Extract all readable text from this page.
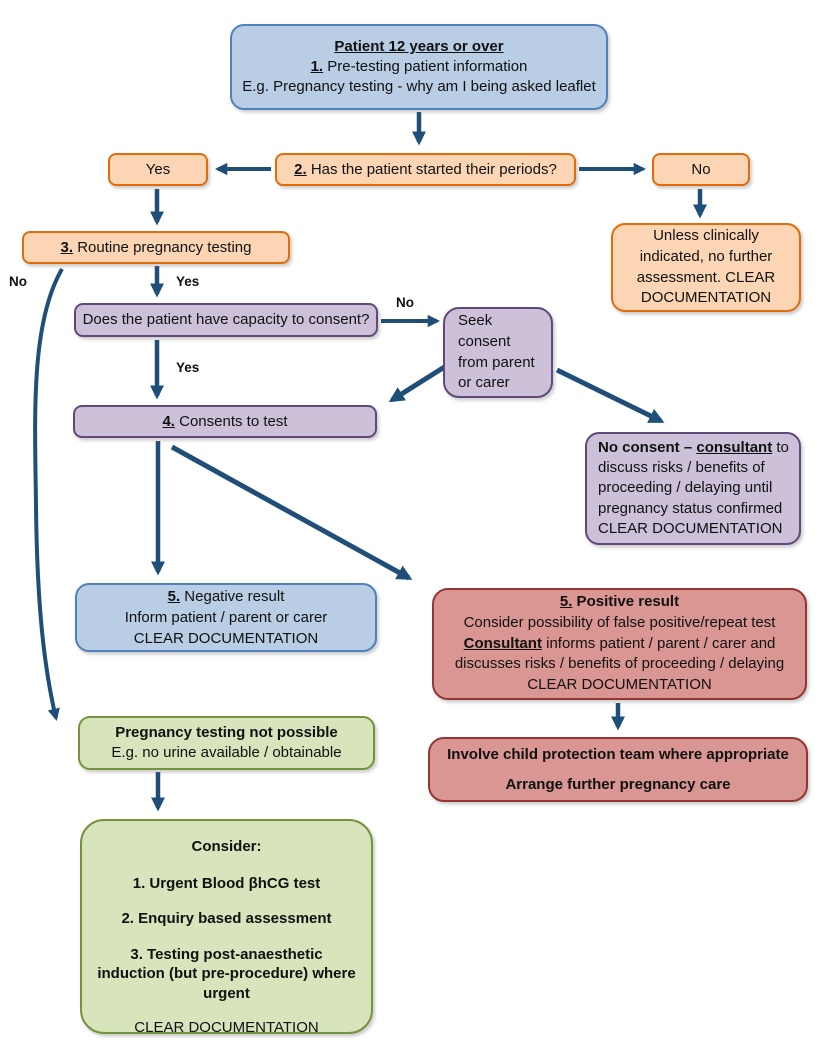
Patient 12 years or over
1. Pre-testing patient information
E.g. Pregnancy testing - why am I being asked leaflet
Yes	2. Has the patient started their periods?	No
3. Routine pregnancy testing
Unless clinically
indicated, no further
assessment. CLEAR
DOCUMENTATION
Does the patient have capacity to consent?	Seek
consent
from parent
or carer
4. Consents to test
No consent – consultant to
discuss risks / benefits of
proceeding / delaying until
pregnancy status confirmed
CLEAR DOCUMENTATION
5. Negative result
Inform patient / parent or carer
CLEAR DOCUMENTATION
5. Positive result
Consider possibility of false positive/repeat test
Consultant informs patient / parent / carer and
discusses risks / benefits of proceeding / delaying
CLEAR DOCUMENTATION
Involve child protection team where appropriate
Arrange further pregnancy care
Pregnancy testing not possible
E.g. no urine available / obtainable
Consider:
1. Urgent Blood βhCG test
2. Enquiry based assessment
3. Testing post-anaesthetic
induction (but pre-procedure) where
urgent
CLEAR DOCUMENTATION
No	Yes
No
Yes
